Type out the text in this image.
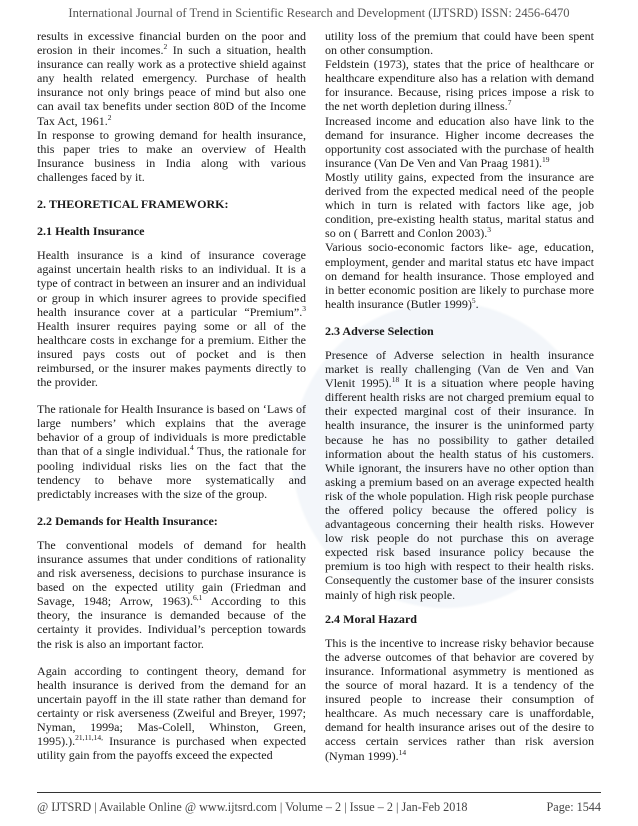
International Journal of Trend in Scientific Research and Development (IJTSRD) ISSN: 2456-6470

results in excessive financial burden on the poor and erosion in their incomes.$^2$ In such a situation, health insurance can really work as a protective shield against any health related emergency. Purchase of health insurance not only brings peace of mind but also one can avail tax benefits under section 80D of the Income Tax Act, 1961.$^2$

In response to growing demand for health insurance, this paper tries to make an overview of Health Insurance business in India along with various challenges faced by it.

2. THEORETICAL FRAMEWORK:
2.1 Health Insurance

Health insurance is a kind of insurance coverage against uncertain health risks to an individual. It is a type of contract in between an insurer and an individual or group in which insurer agrees to provide specified health insurance cover at a particular “Premium”.$^3$ Health insurer requires paying some or all of the healthcare costs in exchange for a premium. Either the insured pays costs out of pocket and is then reimbursed, or the insurer makes payments directly to the provider.

The rationale for Health Insurance is based on ‘Laws of large numbers’ which explains that the average behavior of a group of individuals is more predictable than that of a single individual.$^4$ Thus, the rationale for pooling individual risks lies on the fact that the tendency to behave more systematically and predictably increases with the size of the group.

2.2 Demands for Health Insurance:

The conventional models of demand for health insurance assumes that under conditions of rationality and risk averseness, decisions to purchase insurance is based on the expected utility gain (Friedman and Savage, 1948; Arrow, 1963).$^{6,1}$ According to this theory, the insurance is demanded because of the certainty it provides. Individual’s perception towards the risk is also an important factor.

Again according to contingent theory, demand for health insurance is derived from the demand for an uncertain payoff in the ill state rather than demand for certainty or risk averseness (Zweiful and Breyer, 1997; Nyman, 1999a; Mas-Colell, Whinston, Green, 1995).).$^{21,11,14,}$ Insurance is purchased when expected utility gain from the payoffs exceed the expected

utility loss of the premium that could have been spent on other consumption.

Feldstein (1973), states that the price of healthcare or healthcare expenditure also has a relation with demand for insurance. Because, rising prices impose a risk to the net worth depletion during illness.$^7$

Increased income and education also have link to the demand for insurance. Higher income decreases the opportunity cost associated with the purchase of health insurance (Van De Ven and Van Praag 1981).$^{19}$

Mostly utility gains, expected from the insurance are derived from the expected medical need of the people which in turn is related with factors like age, job condition, pre-existing health status, marital status and so on ( Barrett and Conlon 2003).$^3$

Various socio-economic factors like- age, education, employment, gender and marital status etc have impact on demand for health insurance. Those employed and in better economic position are likely to purchase more health insurance (Butler 1999)$^5$.

2.3 Adverse Selection

Presence of Adverse selection in health insurance market is really challenging (Van de Ven and Van Vlenit 1995).$^{18}$ It is a situation where people having different health risks are not charged premium equal to their expected marginal cost of their insurance. In health insurance, the insurer is the uninformed party because he has no possibility to gather detailed information about the health status of his customers. While ignorant, the insurers have no other option than asking a premium based on an average expected health risk of the whole population. High risk people purchase the offered policy because the offered policy is advantageous concerning their health risks. However low risk people do not purchase this on average expected risk based insurance policy because the premium is too high with respect to their health risks. Consequently the customer base of the insurer consists mainly of high risk people.

2.4 Moral Hazard

This is the incentive to increase risky behavior because the adverse outcomes of that behavior are covered by insurance. Informational asymmetry is mentioned as the source of moral hazard. It is a tendency of the insured people to increase their consumption of healthcare. As much necessary care is unaffordable, demand for health insurance arises out of the desire to access certain services rather than risk aversion (Nyman 1999).$^{14}$

@ IJTSRD | Available Online @ www.ijtsrd.com | Volume – 2 | Issue – 2 | Jan-Feb 2018	Page: 1544
